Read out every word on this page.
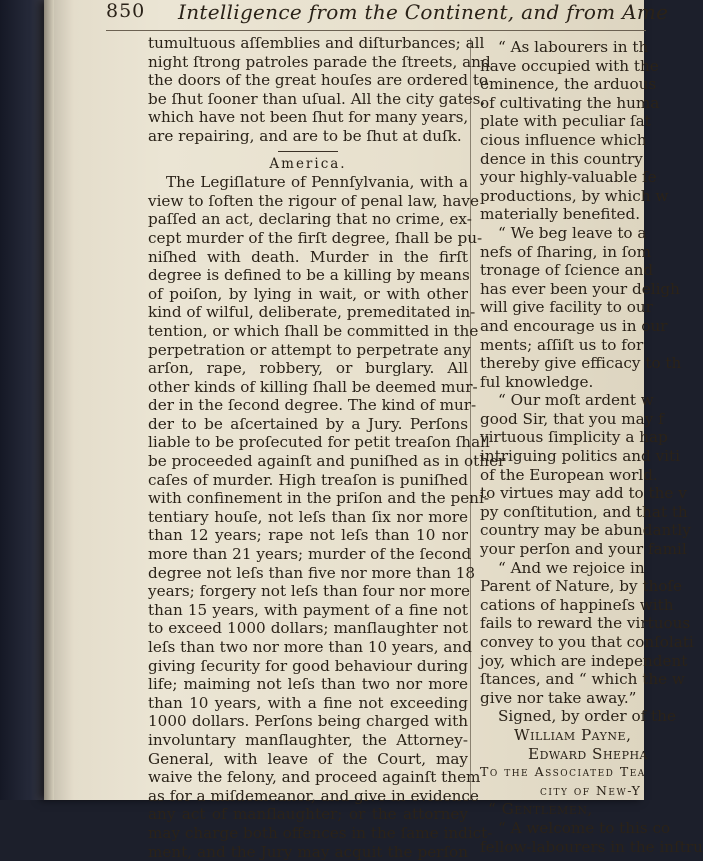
850 Intelligence from the Continent, and from Ame
tumultuous aſſemblies and diſturbances; all
night ſtrong patroles parade the ſtreets, and
the doors of the great houſes are ordered to
be ſhut ſooner than uſual. All the city gates,
which have not been ſhut for many years,
are repairing, and are to be ſhut at duſk.
America.
The Legiſlature of Pennſylvania, with a
view to ſoften the rigour of penal law, have
paſſed an act, declaring that no crime, ex-
cept murder of the firſt degree, ſhall be pu-
niſhed with death. Murder in the firſt
degree is defined to be a killing by means
of poiſon, by lying in wait, or with other
kind of wilful, deliberate, premeditated in-
tention, or which ſhall be committed in the
perpetration or attempt to perpetrate any
arſon, rape, robbery, or burglary. All
other kinds of killing ſhall be deemed mur-
der in the ſecond degree. The kind of mur-
der to be aſcertained by a Jury. Perſons
liable to be proſecuted for petit treaſon ſhall
be proceeded againſt and puniſhed as in other
caſes of murder. High treaſon is puniſhed
with confinement in the priſon and the peni-
tentiary houſe, not leſs than ſix nor more
than 12 years; rape not leſs than 10 nor
more than 21 years; murder of the ſecond
degree not leſs than five nor more than 18
years; forgery not leſs than four nor more
than 15 years, with payment of a fine not
to exceed 1000 dollars; manſlaughter not
leſs than two nor more than 10 years, and
giving ſecurity for good behaviour during
life; maiming not leſs than two nor more
than 10 years, with a fine not exceeding
1000 dollars. Perſons being charged with
involuntary manſlaughter, the Attorney-
General, with leave of the Court, may
waive the felony, and proceed againſt them
as for a miſdemeanor, and give in evidence
any act of manſlaughter; or the attorney
may charge both offences in the ſame indict-
ment, and the Jury may acquit the perſon
“ As labourers in th
have occupied with the
eminence, the arduous
of cultivating the huma
plate with peculiar ſat
cious influence which
dence in this country
your highly-valuable ſe
productions, by which w
materially benefited.
“ We beg leave to a
nefs of ſharing, in ſom
tronage of ſcience and
has ever been your deligh
will give facility to our
and encourage us in our
ments; aſſiſt us to for
thereby give efficacy to th
ful knowledge.
“ Our moſt ardent w
good Sir, that you may f
virtuous ſimplicity a hap
intriguing politics and viti
of the European world.
to virtues may add to the v
py conſtitution, and that th
country may be abundantly
your perſon and your famil
“ And we rejoice in
Parent of Nature, by thoſe
cations of happineſs with
fails to reward the virtuous
convey to you that conſolati
joy, which are independent
ſtances, and “ which the w
give nor take away.”
Signed, by order of the
William Payne,
Edward Shepha
To the Associated Tea
city of New-Y
“ Gentlemen,
“ A welcome to this co
fellow-labourers in the inſtru
